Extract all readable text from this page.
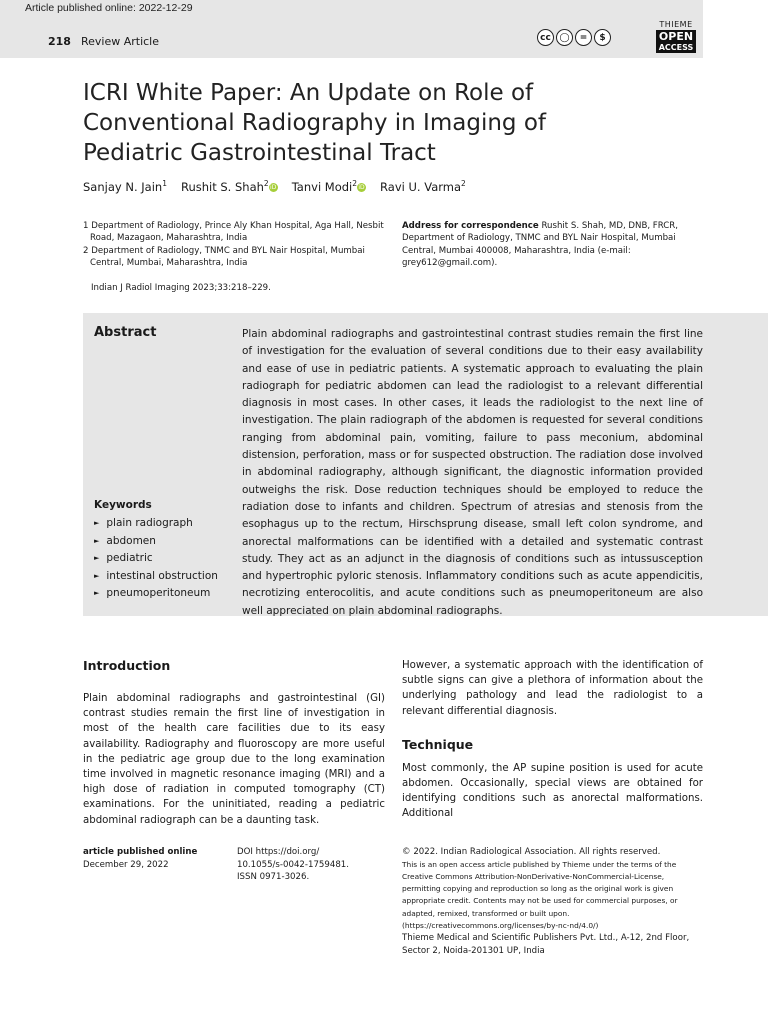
Article published online: 2022-12-29
218 Review Article	cc ◯	=	$
THIEME
OPEN
ACCESS
ICRI White Paper: An Update on Role of Conventional Radiography in Imaging of Pediatric Gastrointestinal Tract
Sanjay N. Jain$^1$ Rushit S. Shah$^2$iD Tanvi Modi$^2$iD Ravi U. Varma$^2$
1 Department of Radiology, Prince Aly Khan Hospital, Aga Hall, Nesbit Road, Mazagaon, Maharashtra, India
2 Department of Radiology, TNMC and BYL Nair Hospital, Mumbai Central, Mumbai, Maharashtra, India
Address for correspondence Rushit S. Shah, MD, DNB, FRCR, Department of Radiology, TNMC and BYL Nair Hospital, Mumbai Central, Mumbai 400008, Maharashtra, India (e-mail: grey612@gmail.com).
Indian J Radiol Imaging 2023;33:218–229.
Abstract	Plain abdominal radiographs and gastrointestinal contrast studies remain the first line of investigation for the evaluation of several conditions due to their easy availability and ease of use in pediatric patients. A systematic approach to evaluating the plain radiograph for pediatric abdomen can lead the radiologist to a relevant differential diagnosis in most cases. In other cases, it leads the radiologist to the next line of investigation. The plain radiograph of the abdomen is requested for several conditions ranging from abdominal pain, vomiting, failure to pass meconium, abdominal distension, perforation, mass or for suspected obstruction. The radiation dose involved in abdominal radiography, although significant, the diagnostic information provided outweighs the risk. Dose reduction techniques should be employed to reduce the radiation dose to infants and children. Spectrum of atresias and stenosis from the esophagus up to the rectum, Hirschsprung disease, small left colon syndrome, and anorectal malformations can be identified with a detailed and systematic contrast study. They act as an adjunct in the diagnosis of conditions such as intussusception and hypertrophic pyloric stenosis. Inflammatory conditions such as acute appendicitis, necrotizing enterocolitis, and acute conditions such as pneumoperitoneum are also well appreciated on plain abdominal radiographs.
Keywords
► plain radiograph
► abdomen
► pediatric
► intestinal obstruction
► pneumoperitoneum
Introduction

Plain abdominal radiographs and gastrointestinal (GI) contrast studies remain the first line of investigation in most of the health care facilities due to its easy availability. Radiography and fluoroscopy are more useful in the pediatric age group due to the long examination time involved in magnetic resonance imaging (MRI) and a high dose of radiation in computed tomography (CT) examinations. For the uninitiated, reading a pediatric abdominal radiograph can be a daunting task.

However, a systematic approach with the identification of subtle signs can give a plethora of information about the underlying pathology and lead the radiologist to a relevant differential diagnosis.

Technique

Most commonly, the AP supine position is used for acute abdomen. Occasionally, special views are obtained for identifying conditions such as anorectal malformations. Additional

article published online
December 29, 2022
DOI https://doi.org/
10.1055/s-0042-1759481.
ISSN 0971-3026.
© 2022. Indian Radiological Association. All rights reserved.
This is an open access article published by Thieme under the terms of the Creative Commons Attribution-NonDerivative-NonCommercial-License, permitting copying and reproduction so long as the original work is given appropriate credit. Contents may not be used for commercial purposes, or adapted, remixed, transformed or built upon. (https://creativecommons.org/licenses/by-nc-nd/4.0/)
Thieme Medical and Scientific Publishers Pvt. Ltd., A-12, 2nd Floor, Sector 2, Noida-201301 UP, India
